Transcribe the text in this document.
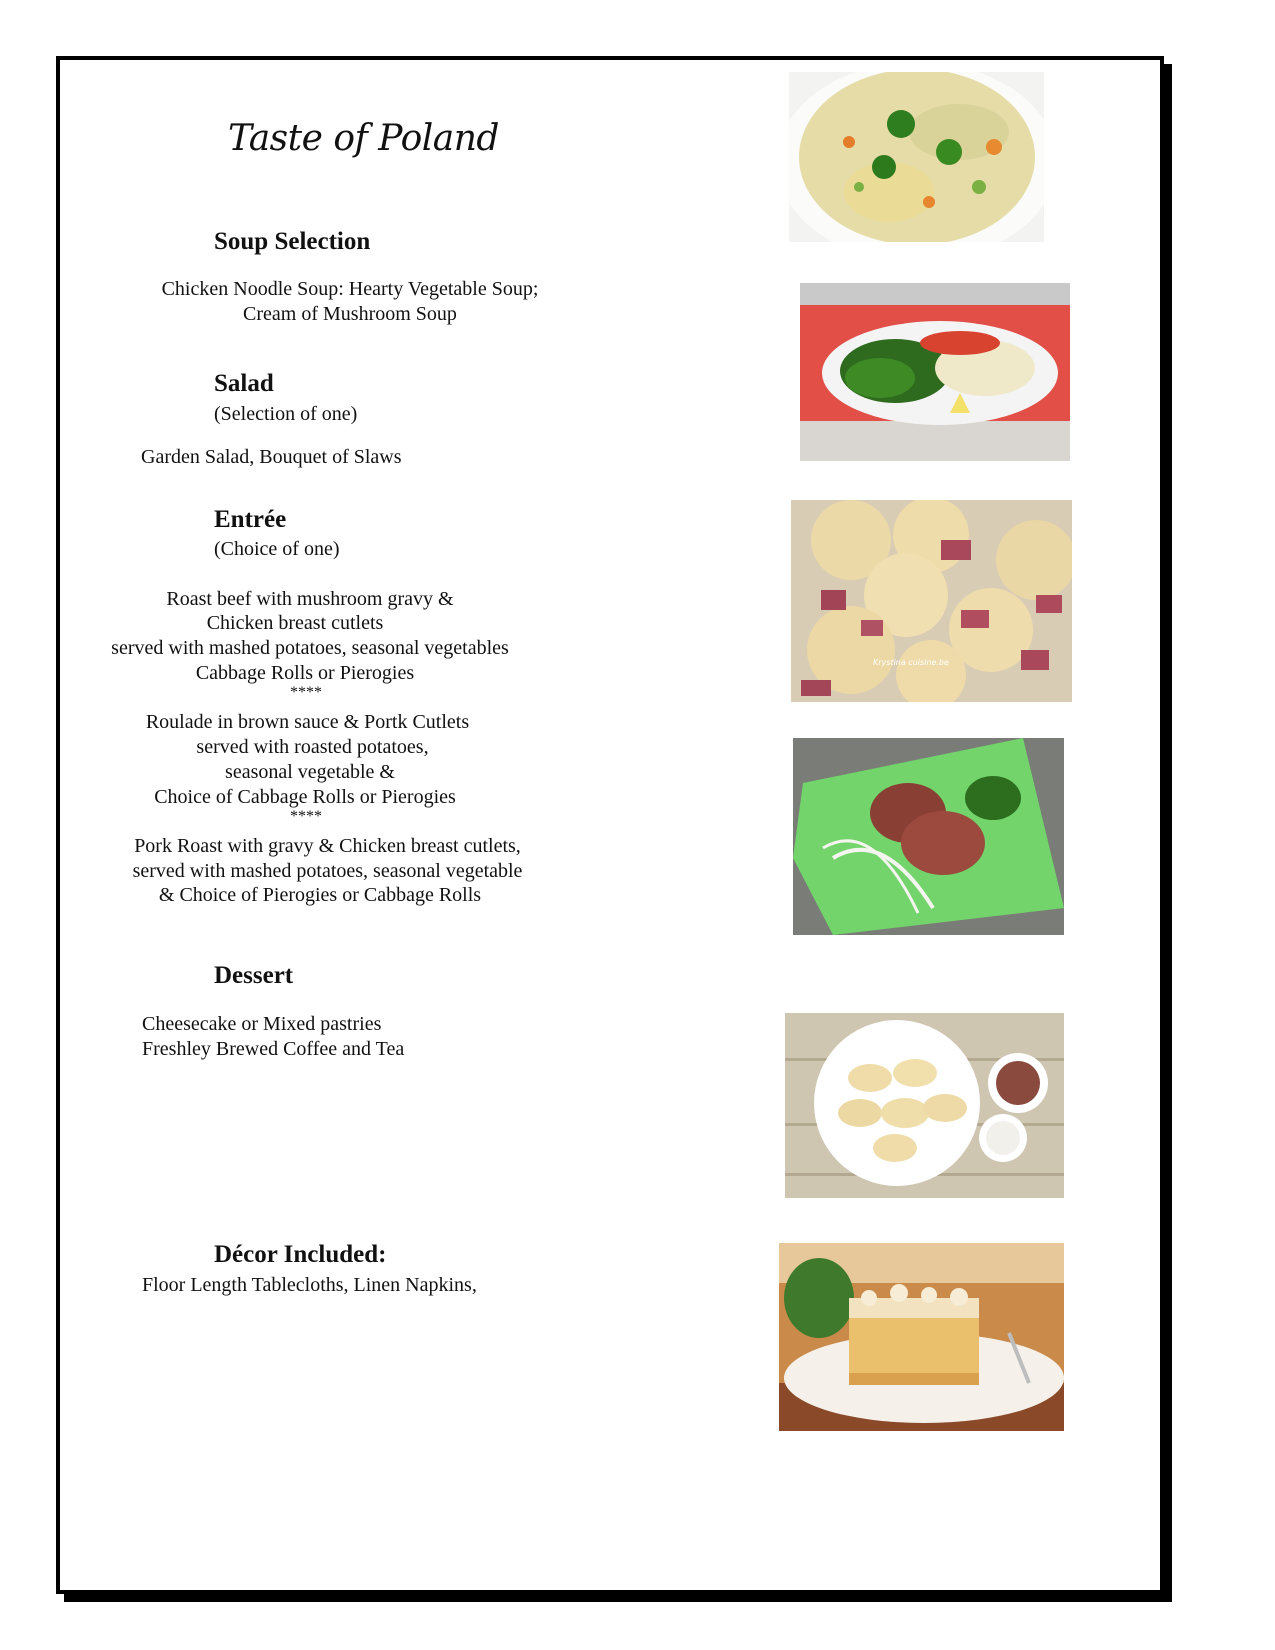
Taste of Poland
Soup Selection
Chicken Noodle Soup: Hearty Vegetable Soup;
Cream of Mushroom Soup
Salad
(Selection of one)
Garden Salad, Bouquet of Slaws
Entrée
(Choice of one)
Roast beef with mushroom gravy &
Chicken breast cutlets
served with mashed potatoes, seasonal vegetables
Cabbage Rolls or Pierogies
****
Roulade in brown sauce & Portk Cutlets
served with roasted potatoes,
seasonal vegetable &
Choice of Cabbage Rolls or Pierogies
****
Pork Roast with gravy & Chicken breast cutlets,
served with mashed potatoes, seasonal vegetable
& Choice of Pierogies or Cabbage Rolls
Dessert
Cheesecake or Mixed pastries
Freshley Brewed Coffee and Tea
Décor Included:
Floor Length Tablecloths, Linen Napkins,
Krystina cuisine.be
